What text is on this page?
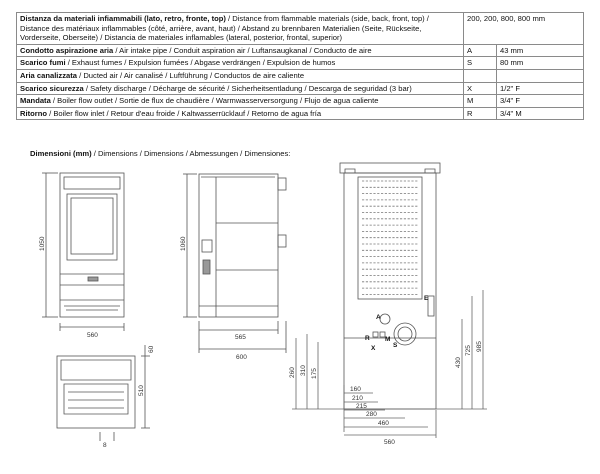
Distanza da materiali infiammabili (lato, retro, fronte, top) / Distance from flammable materials (side, back, front, top) / Distance des matériaux inflammables (côté, arrière, avant, haut) / Abstand zu brennbaren Materialien (Seite, Rückseite, Vorderseite, Oberseite) / Distancia de materiales inflamables (lateral, posterior, frontal, superior)	200, 200, 800, 800 mm	
Condotto aspirazione aria / Air intake pipe / Conduit aspiration air / Luftansaugkanal / Conducto de aire	A	43 mm
Scarico fumi / Exhaust fumes / Expulsion fumées / Abgase verdrängen / Expulsion de humos	S	80 mm
Aria canalizzata / Ducted air / Air canalisé / Luftführung / Conductos de aire caliente		
Scarico sicurezza / Safety discharge / Décharge de sécurité / Sicherheitsentladung / Descarga de seguridad (3 bar)	X	1/2" F
Mandata / Boiler flow outlet / Sortie de flux de chaudière / Warmwasserversorgung / Flujo de agua caliente	M	3/4" F
Ritorno / Boiler flow inlet / Retour d'eau froide / Kaltwasserrücklauf / Retorno de agua fría	R	3/4" M
Dimensioni (mm) / Dimensions / Dimensions / Abmessungen / Dimensiones:
1050
560
1060
565
600
510
60
8
A
R
X
M
S
E
260 310 175
430
725 985
160
210
215
280
460
560
